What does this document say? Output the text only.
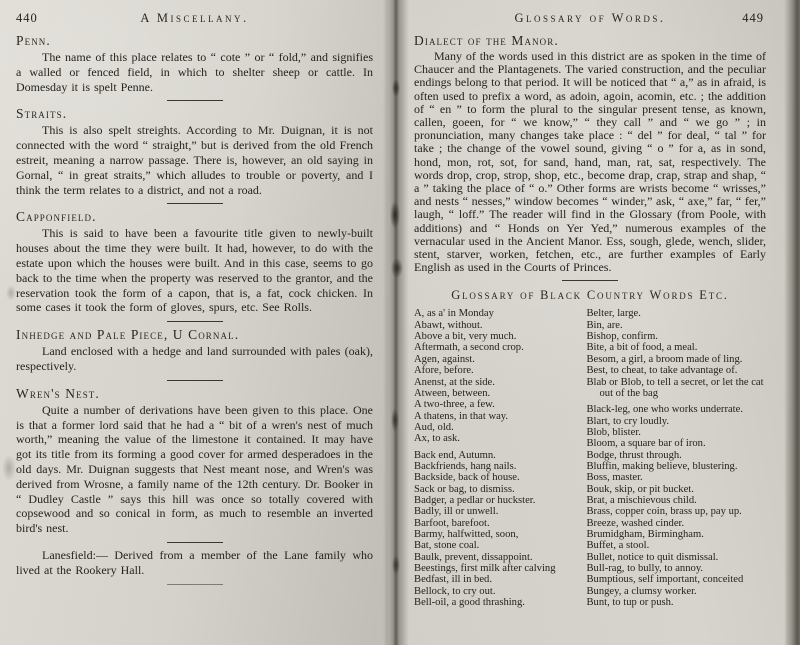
440	A Miscellany.
Penn.

The name of this place relates to “ cote ” or “ fold,” and signifies a walled or fenced field, in which to shelter sheep or cattle. In Domesday it is spelt Penne.

Straits.

This is also spelt streights. According to Mr. Duignan, it is not connected with the word “ straight,” but is derived from the old French estreit, meaning a narrow passage. There is, however, an old saying in Gornal, “ in great straits,” which alludes to trouble or poverty, and I think the term relates to a district, and not a road.

Capponfield.

This is said to have been a favourite title given to newly-built houses about the time they were built. It had, however, to do with the estate upon which the houses were built. And in this case, seems to go back to the time when the property was reserved to the grantor, and the reservation took the form of a capon, that is, a fat, cock chicken. In some cases it took the form of gloves, spurs, etc. See Rolls.

Inhedge and Pale Piece, U Cornal.

Land enclosed with a hedge and land surrounded with pales (oak), respectively.

Wren's Nest.

Quite a number of derivations have been given to this place. One is that a former lord said that he had a “ bit of a wren's nest of much worth,” meaning the value of the limestone it contained. It may have got its title from its forming a good cover for armed desperadoes in the old days. Mr. Duignan suggests that Nest meant nose, and Wren's was derived from Wrosne, a family name of the 12th century. Dr. Booker in “ Dudley Castle ” says this hill was once so totally covered with copsewood and so conical in form, as much to resemble an inverted bird's nest.

Lanesfield:— Derived from a member of the Lane family who lived at the Rookery Hall.

Glossary of Words.	449
Dialect of the Manor.

Many of the words used in this district are as spoken in the time of Chaucer and the Plantagenets. The varied construction, and the peculiar endings belong to that period. It will be noticed that “ a,” as in afraid, is often used to prefix a word, as adoin, agoin, acomin, etc. ; the addition of “ en ” to form the plural to the singular present tense, as known, callen, goeen, for “ we know,” “ they call ” and “ we go ” ; in pronunciation, many changes take place : “ del ” for deal, “ tal ” for take ; the change of the vowel sound, giving “ o ” for a, as in sond, hond, mon, rot, sot, for sand, hand, man, rat, sat, respectively. The words drop, crop, strop, shop, etc., become drap, crap, strap and shap, “ a ” taking the place of “ o.” Other forms are wrists become “ wrisses,” and nests “ nesses,” window becomes “ winder,” ask, “ axe,” far, “ fer,” laugh, “ loff.” The reader will find in the Glossary (from Poole, with additions) and “ Honds on Yer Yed,” numerous examples of the vernacular used in the Ancient Manor. Ess, sough, glede, wench, slider, stent, starver, worken, fetchen, etc., are further examples of Early English as used in the Courts of Princes.

Glossary of Black Country Words Etc.
A, as a' in Monday
Abawt, without.
Above a bit, very much.
Aftermath, a second crop.
Agen, against.
Afore, before.
Anenst, at the side.
Atween, between.
A two-three, a few.
A thatens, in that way.
Aud, old.
Ax, to ask.
Back end, Autumn.
Backfriends, hang nails.
Backside, back of house.
Sack or bag, to dismiss.
Badger, a pedlar or huckster.
Badly, ill or unwell.
Barfoot, barefoot.
Barmy, halfwitted, soon,
Bat, stone coal.
Baulk, prevent, dissappoint.
Beestings, first milk after calving
Bedfast, ill in bed.
Bellock, to cry out.
Bell-oil, a good thrashing.
Belter, large.
Bin, are.
Bishop, confirm.
Bite, a bit of food, a meal.
Besom, a girl, a broom made of ling.
Best, to cheat, to take advantage of.
Blab or Blob, to tell a secret, or let the cat out of the bag
Black-leg, one who works underrate.
Blart, to cry loudly.
Blob, blister.
Bloom, a square bar of iron.
Bodge, thrust through.
Bluffin, making believe, blustering.
Boss, master.
Bouk, skip, or pit bucket.
Brat, a mischievous child.
Brass, copper coin, brass up, pay up.
Breeze, washed cinder.
Brumidgham, Birmingham.
Buffet, a stool.
Bullet, notice to quit dismissal.
Bull-rag, to bully, to annoy.
Bumptious, self important, conceited
Bungey, a clumsy worker.
Bunt, to tup or push.
